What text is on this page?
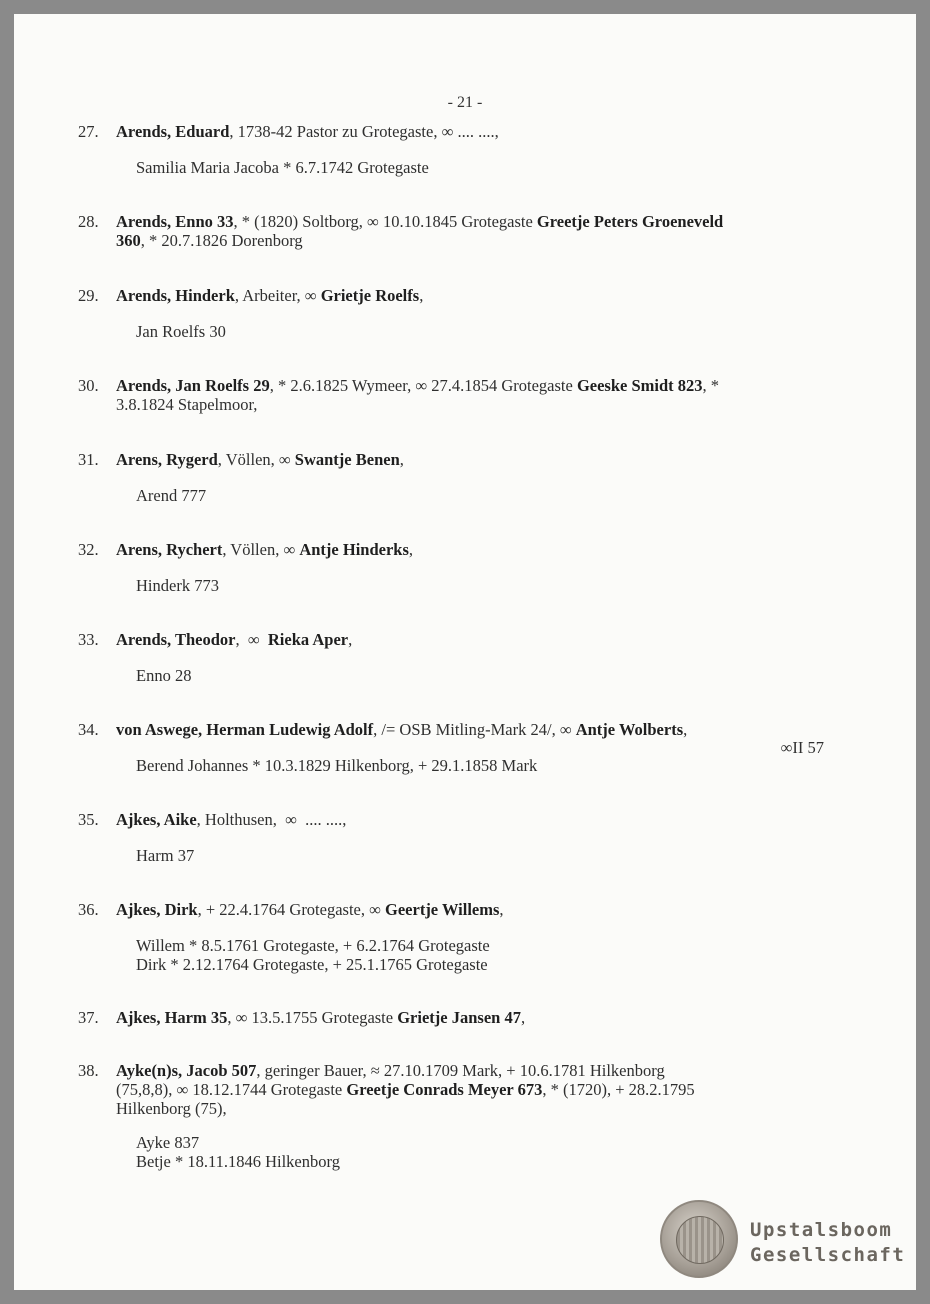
- 21 -
27.	Arends, Eduard, 1738-42 Pastor zu Grotegaste, ∞ .... ....,
Samilia Maria Jacoba * 6.7.1742 Grotegaste
28.	Arends, Enno 33, * (1820) Soltborg, ∞ 10.10.1845 Grotegaste Greetje Peters Groeneveld
360, * 20.7.1826 Dorenborg
29.	Arends, Hinderk, Arbeiter, ∞ Grietje Roelfs,
Jan Roelfs 30
30.	Arends, Jan Roelfs 29, * 2.6.1825 Wymeer, ∞ 27.4.1854 Grotegaste Geeske Smidt 823, *
3.8.1824 Stapelmoor,
31.	Arens, Rygerd, Völlen, ∞ Swantje Benen,
Arend 777
32.	Arens, Rychert, Völlen, ∞ Antje Hinderks,
Hinderk 773
33.	Arends, Theodor,  ∞  Rieka Aper,
Enno 28
34.	von Aswege, Herman Ludewig Adolf, /= OSB Mitling-Mark 24/, ∞ Antje Wolberts,
∞II 57
Berend Johannes * 10.3.1829 Hilkenborg, + 29.1.1858 Mark
35.	Ajkes, Aike, Holthusen,  ∞  .... ....,
Harm 37
36.	Ajkes, Dirk, + 22.4.1764 Grotegaste, ∞ Geertje Willems,
Willem * 8.5.1761 Grotegaste, + 6.2.1764 Grotegaste
Dirk * 2.12.1764 Grotegaste, + 25.1.1765 Grotegaste
37.	Ajkes, Harm 35, ∞ 13.5.1755 Grotegaste Grietje Jansen 47,
38.	Ayke(n)s, Jacob 507, geringer Bauer, ≈ 27.10.1709 Mark, + 10.6.1781 Hilkenborg
(75,8,8), ∞ 18.12.1744 Grotegaste Greetje Conrads Meyer 673, * (1720), + 28.2.1795
Hilkenborg (75),
Ayke 837
Betje * 18.11.1846 Hilkenborg
Upstalsboom
Gesellschaft
